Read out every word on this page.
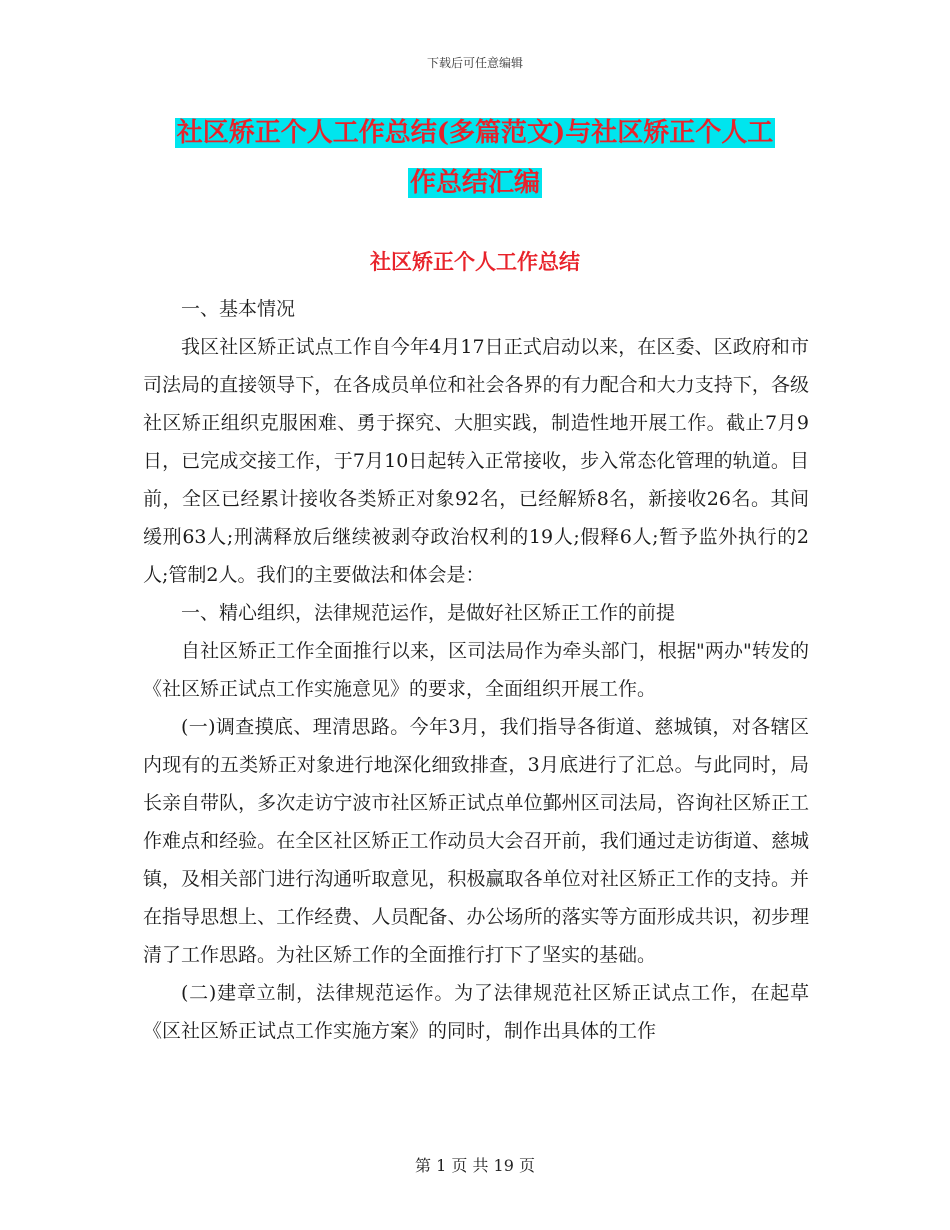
下载后可任意编辑
社区矫正个人工作总结(多篇范文)与社区矫正个人工
作总结汇编
社区矫正个人工作总结

一、基本情况

我区社区矫正试点工作自今年4月17日正式启动以来，在区委、区政府和市司法局的直接领导下，在各成员单位和社会各界的有力配合和大力支持下，各级社区矫正组织克服困难、勇于探究、大胆实践，制造性地开展工作。截止7月9日，已完成交接工作，于7月10日起转入正常接收，步入常态化管理的轨道。目前，全区已经累计接收各类矫正对象92名，已经解矫8名，新接收26名。其间缓刑63人;刑满释放后继续被剥夺政治权利的19人;假释6人;暂予监外执行的2人;管制2人。我们的主要做法和体会是：

一、精心组织，法律规范运作，是做好社区矫正工作的前提

自社区矫正工作全面推行以来，区司法局作为牵头部门，根据"两办"转发的《社区矫正试点工作实施意见》的要求，全面组织开展工作。

(一)调查摸底、理清思路。今年3月，我们指导各街道、慈城镇，对各辖区内现有的五类矫正对象进行地深化细致排查，3月底进行了汇总。与此同时，局长亲自带队，多次走访宁波市社区矫正试点单位鄞州区司法局，咨询社区矫正工作难点和经验。在全区社区矫正工作动员大会召开前，我们通过走访街道、慈城镇，及相关部门进行沟通听取意见，积极赢取各单位对社区矫正工作的支持。并在指导思想上、工作经费、人员配备、办公场所的落实等方面形成共识，初步理清了工作思路。为社区矫工作的全面推行打下了坚实的基础。

(二)建章立制，法律规范运作。为了法律规范社区矫正试点工作，在起草《区社区矫正试点工作实施方案》的同时，制作出具体的工作

第 1 页 共 19 页
